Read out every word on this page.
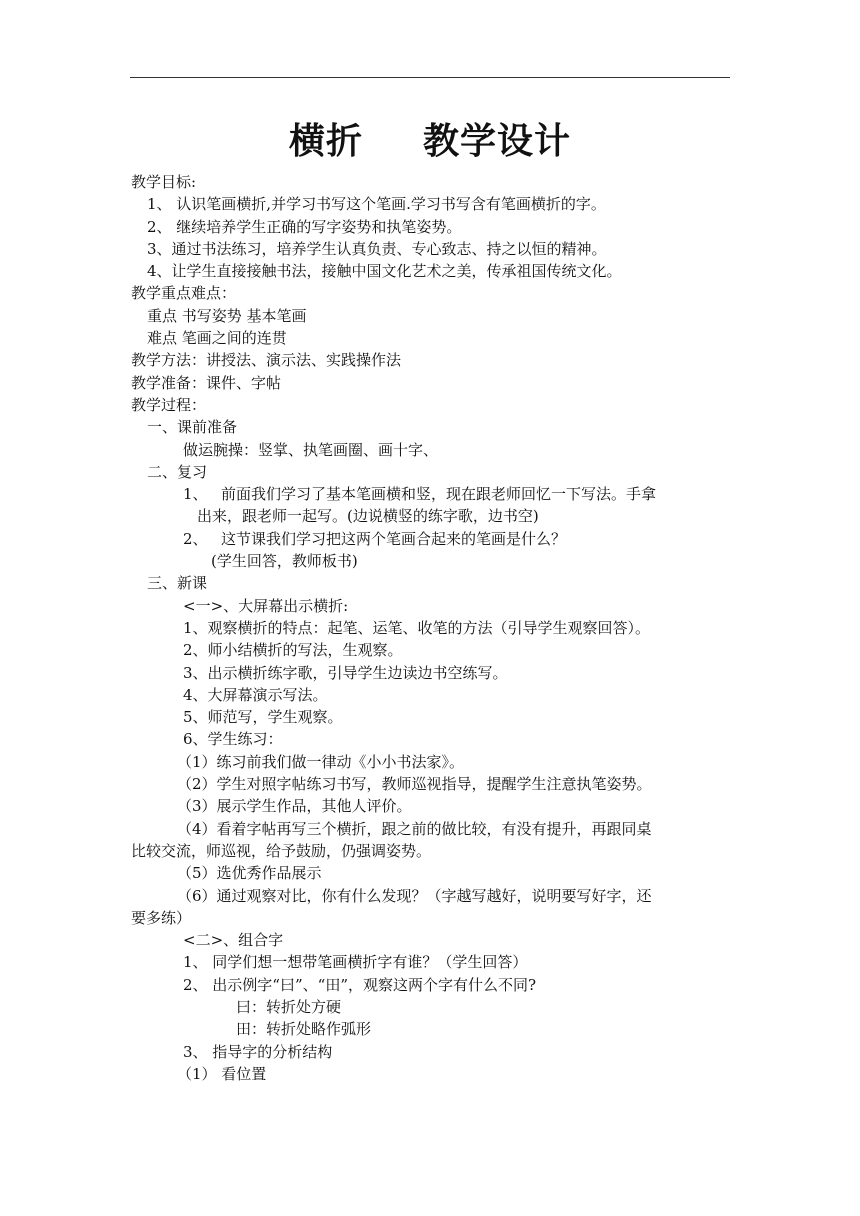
横折 教学设计
教学目标:
1、 认识笔画横折,并学习书写这个笔画.学习书写含有笔画横折的字。
2、 继续培养学生正确的写字姿势和执笔姿势。
3、通过书法练习，培养学生认真负责、专心致志、持之以恒的精神。
4、让学生直接接触书法，接触中国文化艺术之美，传承祖国传统文化。
教学重点难点：
重点 书写姿势 基本笔画
难点 笔画之间的连贯
教学方法：讲授法、演示法、实践操作法
教学准备：课件、字帖
教学过程：
一、课前准备
做运腕操：竖掌、执笔画圈、画十字、
二、复习
1、 前面我们学习了基本笔画横和竖，现在跟老师回忆一下写法。手拿
出来，跟老师一起写。(边说横竖的练字歌，边书空)
2、 这节课我们学习把这两个笔画合起来的笔画是什么？
(学生回答，教师板书)
三、新课
<一>、大屏幕出示横折:
1、观察横折的特点：起笔、运笔、收笔的方法（引导学生观察回答）。
2、师小结横折的写法，生观察。
3、出示横折练字歌，引导学生边读边书空练写。
4、大屏幕演示写法。
5、师范写，学生观察。
6、学生练习：
（1）练习前我们做一律动《小小书法家》。
（2）学生对照字帖练习书写，教师巡视指导，提醒学生注意执笔姿势。
（3）展示学生作品，其他人评价。
（4）看着字帖再写三个横折，跟之前的做比较，有没有提升，再跟同桌
比较交流，师巡视，给予鼓励，仍强调姿势。
（5）选优秀作品展示
（6）通过观察对比，你有什么发现？（字越写越好，说明要写好字，还
要多练）
<二>、组合字
1、 同学们想一想带笔画横折字有谁？（学生回答）
2、 出示例字“曰”、“田”，观察这两个字有什么不同?
曰：转折处方硬
田：转折处略作弧形
3、 指导字的分析结构
（1） 看位置
